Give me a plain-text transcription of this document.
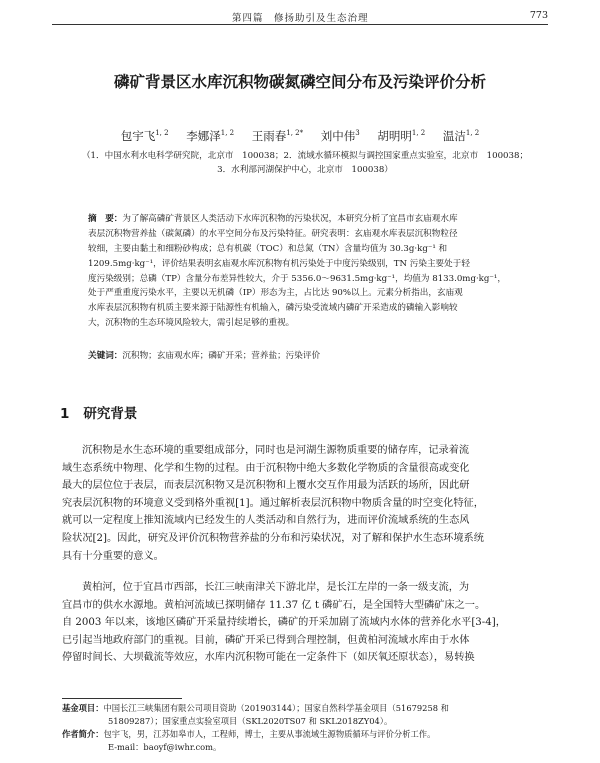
第四篇　修扬助引及生态治理	773
磷矿背景区水库沉积物碳氮磷空间分布及污染评价分析
包宇飞$^{1, 2}$ 李娜泽$^{1, 2}$ 王雨春$^{1, 2*}$ 刘中伟$^3$ 胡明明$^{1, 2}$ 温洁$^{1, 2}$
（1．中国水利水电科学研究院，北京市　100038；2．流域水循环模拟与调控国家重点实验室，北京市　100038；
3．水利部河湖保护中心，北京市　100038）
摘　要：为了解高磷矿背景区人类活动下水库沉积物的污染状况，本研究分析了宜昌市玄庙观水库
表层沉积物营养盐（碳氮磷）的水平空间分布及污染特征。研究表明：玄庙观水库表层沉积物粒径
较细，主要由黏土和细粉砂构成；总有机碳（TOC）和总氮（TN）含量均值为 30.3g·kg⁻¹ 和
1209.5mg·kg⁻¹，评价结果表明玄庙观水库沉积物有机污染处于中度污染级别，TN 污染主要处于轻
度污染级别；总磷（TP）含量分布差异性较大，介于 5356.0～9631.5mg·kg⁻¹，均值为 8133.0mg·kg⁻¹，
处于严重重度污染水平，主要以无机磷（IP）形态为主，占比达 90%以上。元素分析指出，玄庙观
水库表层沉积物有机质主要来源于陆源性有机输入，磷污染受流域内磷矿开采造成的磷输入影响较
大，沉积物的生态环境风险较大，需引起足够的重视。
关键词：沉积物；玄庙观水库；磷矿开采；营养盐；污染评价
1 研究背景
沉积物是水生态环境的重要组成部分，同时也是河湖生源物质重要的储存库，记录着流
域生态系统中物理、化学和生物的过程。由于沉积物中绝大多数化学物质的含量很高或变化
最大的层位位于表层，而表层沉积物又是沉积物和上覆水交互作用最为活跃的场所，因此研
究表层沉积物的环境意义受到格外重视[1]。通过解析表层沉积物中物质含量的时空变化特征，
就可以一定程度上推知流域内已经发生的人类活动和自然行为，进而评价流域系统的生态风
险状况[2]。因此，研究及评价沉积物营养盐的分布和污染状况，对了解和保护水生态环境系统
具有十分重要的意义。
黄柏河，位于宜昌市西部，长江三峡南津关下游北岸，是长江左岸的一条一级支流，为
宜昌市的供水水源地。黄柏河流域已探明储存 11.37 亿 t 磷矿石，是全国特大型磷矿床之一。
自 2003 年以来，该地区磷矿开采量持续增长，磷矿的开采加剧了流域内水体的营养化水平[3-4]，
已引起当地政府部门的重视。目前，磷矿开采已得到合理控制，但黄柏河流域水库由于水体
停留时间长、大坝截流等效应，水库内沉积物可能在一定条件下（如厌氧还原状态），易转换
基金项目：中国长江三峡集团有限公司项目资助（201903144）；国家自然科学基金项目（51679258 和
51809287）；国家重点实验室项目（SKL2020TS07 和 SKL2018ZY04）。
作者简介：包宇飞，男，江苏如皋市人，工程师，博士，主要从事流域生源物质循环与评价分析工作。
E-mail：baoyf@iwhr.com。
